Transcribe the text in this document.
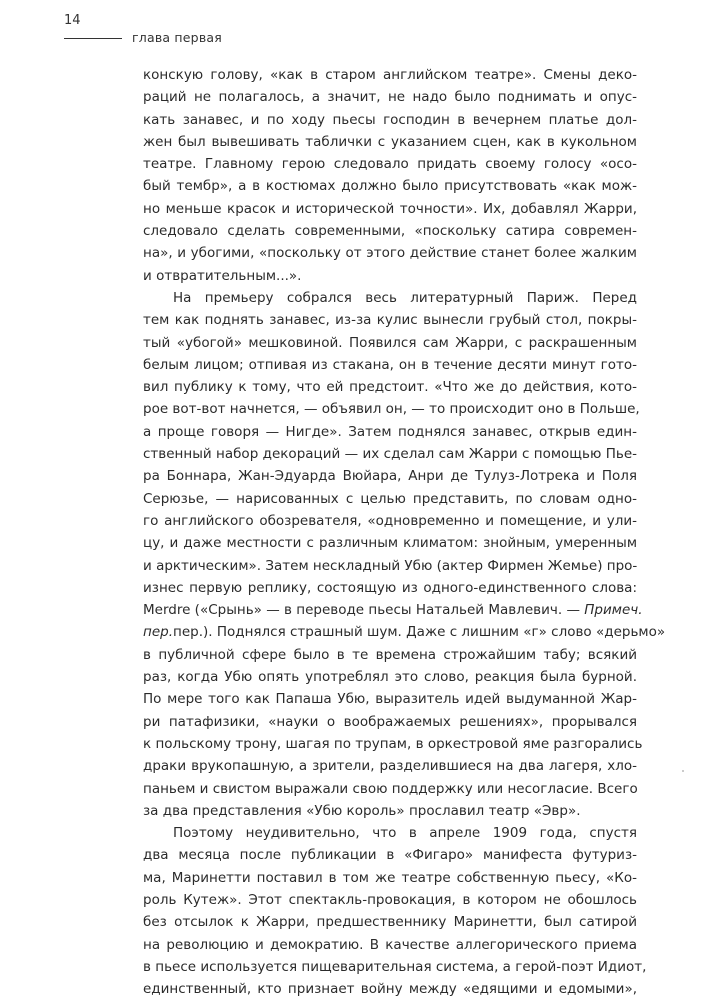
14
глава первая

конскую голову, «как в старом английском театре». Смены деко-
раций не полагалось, а значит, не надо было поднимать и опус-
кать занавес, и по ходу пьесы господин в вечернем платье дол-
жен был вывешивать таблички с указанием сцен, как в кукольном
театре. Главному герою следовало придать своему голосу «осо-
бый тембр», а в костюмах должно было присутствовать «как мож-
но меньше красок и исторической точности». Их, добавлял Жарри,
следовало сделать современными, «поскольку сатира современ-
на», и убогими, «поскольку от этого действие станет более жалким
и отвратительным...».

На премьеру собрался весь литературный Париж. Перед
тем как поднять занавес, из-за кулис вынесли грубый стол, покры-
тый «убогой» мешковиной. Появился сам Жарри, с раскрашенным
белым лицом; отпивая из стакана, он в течение десяти минут гото-
вил публику к тому, что ей предстоит. «Что же до действия, кото-
рое вот-вот начнется, — объявил он, — то происходит оно в Польше,
а проще говоря — Нигде». Затем поднялся занавес, открыв един-
ственный набор декораций — их сделал сам Жарри с помощью Пье-
ра Боннара, Жан-Эдуарда Вюйара, Анри де Тулуз-Лотрека и Поля
Серюзье, — нарисованных с целью представить, по словам одно-
го английского обозревателя, «одновременно и помещение, и ули-
цу, и даже местности с различным климатом: знойным, умеренным
и арктическим». Затем нескладный Убю (актер Фирмен Жемье) про-
изнес первую реплику, состоящую из одного-единственного слова:
Merdre («Срынь» — в переводе пьесы Натальей Мавлевич. — Примеч.
пер.пер.). Поднялся страшный шум. Даже с лишним «г» слово «дерьмо»
в публичной сфере было в те времена строжайшим табу; всякий
раз, когда Убю опять употреблял это слово, реакция была бурной.
По мере того как Папаша Убю, выразитель идей выдуманной Жар-
ри патафизики, «науки о воображаемых решениях», прорывался
к польскому трону, шагая по трупам, в оркестровой яме разгорались
драки врукопашную, а зрители, разделившиеся на два лагеря, хло-
паньем и свистом выражали свою поддержку или несогласие. Всего
за два представления «Убю король» прославил театр «Эвр».

Поэтому неудивительно, что в апреле 1909 года, спустя
два месяца после публикации в «Фигаро» манифеста футуриз-
ма, Маринетти поставил в том же театре собственную пьесу, «Ко-
роль Кутеж». Этот спектакль-провокация, в котором не обошлось
без отсылок к Жарри, предшественнику Маринетти, был сатирой
на революцию и демократию. В качестве аллегорического приема
в пьесе используется пищеварительная система, а герой-поэт Идиот,
единственный, кто признает войну между «едящими и едомыми»,
